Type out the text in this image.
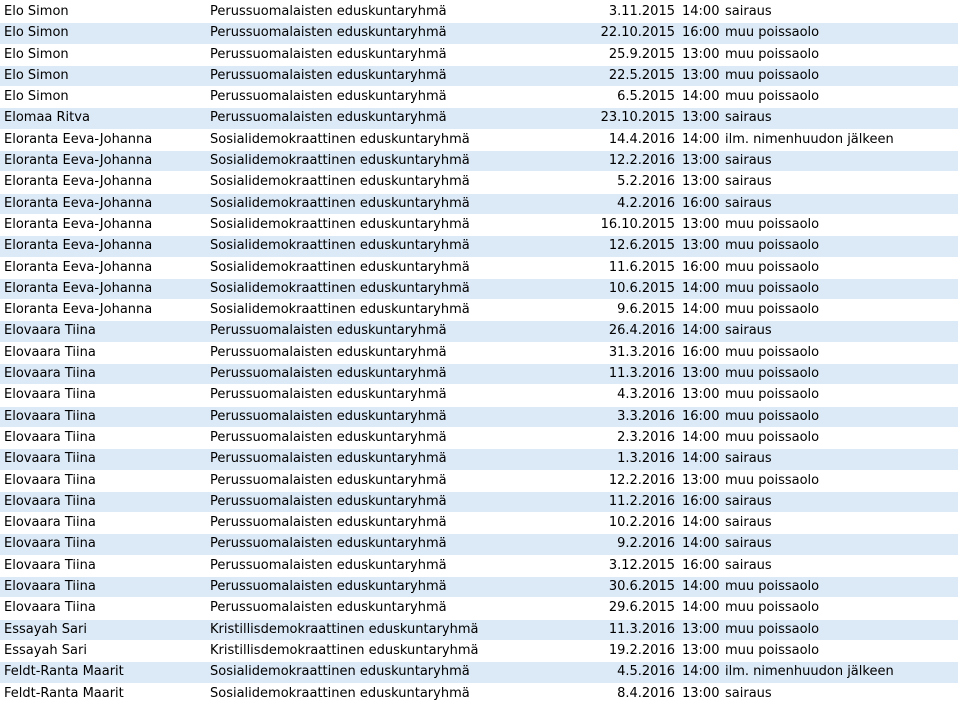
Elo Simon	Perussuomalaisten eduskuntaryhmä	3.11.2015 14:00 sairaus
Elo Simon	Perussuomalaisten eduskuntaryhmä	22.10.2015 16:00 muu poissaolo
Elo Simon	Perussuomalaisten eduskuntaryhmä	25.9.2015 13:00 muu poissaolo
Elo Simon	Perussuomalaisten eduskuntaryhmä	22.5.2015 13:00 muu poissaolo
Elo Simon	Perussuomalaisten eduskuntaryhmä	6.5.2015 14:00 muu poissaolo
Elomaa Ritva	Perussuomalaisten eduskuntaryhmä	23.10.2015 13:00 sairaus
Eloranta Eeva-Johanna	Sosialidemokraattinen eduskuntaryhmä	14.4.2016 14:00 ilm. nimenhuudon jälkeen
Eloranta Eeva-Johanna	Sosialidemokraattinen eduskuntaryhmä	12.2.2016 13:00 sairaus
Eloranta Eeva-Johanna	Sosialidemokraattinen eduskuntaryhmä	5.2.2016 13:00 sairaus
Eloranta Eeva-Johanna	Sosialidemokraattinen eduskuntaryhmä	4.2.2016 16:00 sairaus
Eloranta Eeva-Johanna	Sosialidemokraattinen eduskuntaryhmä	16.10.2015 13:00 muu poissaolo
Eloranta Eeva-Johanna	Sosialidemokraattinen eduskuntaryhmä	12.6.2015 13:00 muu poissaolo
Eloranta Eeva-Johanna	Sosialidemokraattinen eduskuntaryhmä	11.6.2015 16:00 muu poissaolo
Eloranta Eeva-Johanna	Sosialidemokraattinen eduskuntaryhmä	10.6.2015 14:00 muu poissaolo
Eloranta Eeva-Johanna	Sosialidemokraattinen eduskuntaryhmä	9.6.2015 14:00 muu poissaolo
Elovaara Tiina	Perussuomalaisten eduskuntaryhmä	26.4.2016 14:00 sairaus
Elovaara Tiina	Perussuomalaisten eduskuntaryhmä	31.3.2016 16:00 muu poissaolo
Elovaara Tiina	Perussuomalaisten eduskuntaryhmä	11.3.2016 13:00 muu poissaolo
Elovaara Tiina	Perussuomalaisten eduskuntaryhmä	4.3.2016 13:00 muu poissaolo
Elovaara Tiina	Perussuomalaisten eduskuntaryhmä	3.3.2016 16:00 muu poissaolo
Elovaara Tiina	Perussuomalaisten eduskuntaryhmä	2.3.2016 14:00 muu poissaolo
Elovaara Tiina	Perussuomalaisten eduskuntaryhmä	1.3.2016 14:00 sairaus
Elovaara Tiina	Perussuomalaisten eduskuntaryhmä	12.2.2016 13:00 muu poissaolo
Elovaara Tiina	Perussuomalaisten eduskuntaryhmä	11.2.2016 16:00 sairaus
Elovaara Tiina	Perussuomalaisten eduskuntaryhmä	10.2.2016 14:00 sairaus
Elovaara Tiina	Perussuomalaisten eduskuntaryhmä	9.2.2016 14:00 sairaus
Elovaara Tiina	Perussuomalaisten eduskuntaryhmä	3.12.2015 16:00 sairaus
Elovaara Tiina	Perussuomalaisten eduskuntaryhmä	30.6.2015 14:00 muu poissaolo
Elovaara Tiina	Perussuomalaisten eduskuntaryhmä	29.6.2015 14:00 muu poissaolo
Essayah Sari	Kristillisdemokraattinen eduskuntaryhmä	11.3.2016 13:00 muu poissaolo
Essayah Sari	Kristillisdemokraattinen eduskuntaryhmä	19.2.2016 13:00 muu poissaolo
Feldt-Ranta Maarit	Sosialidemokraattinen eduskuntaryhmä	4.5.2016 14:00 ilm. nimenhuudon jälkeen
Feldt-Ranta Maarit	Sosialidemokraattinen eduskuntaryhmä	8.4.2016 13:00 sairaus
